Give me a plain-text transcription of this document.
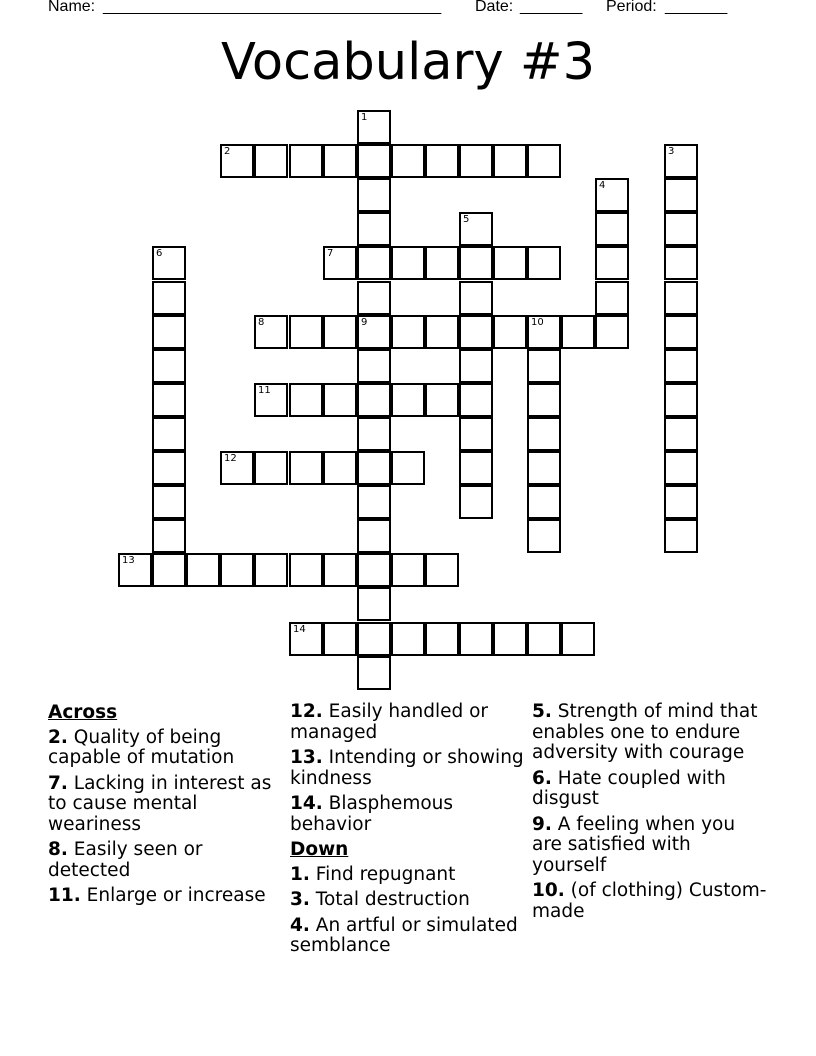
Name: ______________________________________ Date: _______ Period: _______
Vocabulary #3
2
7
8	9	10
11
12
13
14
1
3
4
5
6
Across
2. Quality of being capable of mutation
7. Lacking in interest as to cause mental weariness
8. Easily seen or detected
11. Enlarge or increase
12. Easily handled or managed
13. Intending or showing kindness
14. Blasphemous behavior
Down
1. Find repugnant
3. Total destruction
4. An artful or simulated semblance
5. Strength of mind that enables one to endure adversity with courage
6. Hate coupled with disgust
9. A feeling when you are satisfied with yourself
10. (of clothing) Custom-made
